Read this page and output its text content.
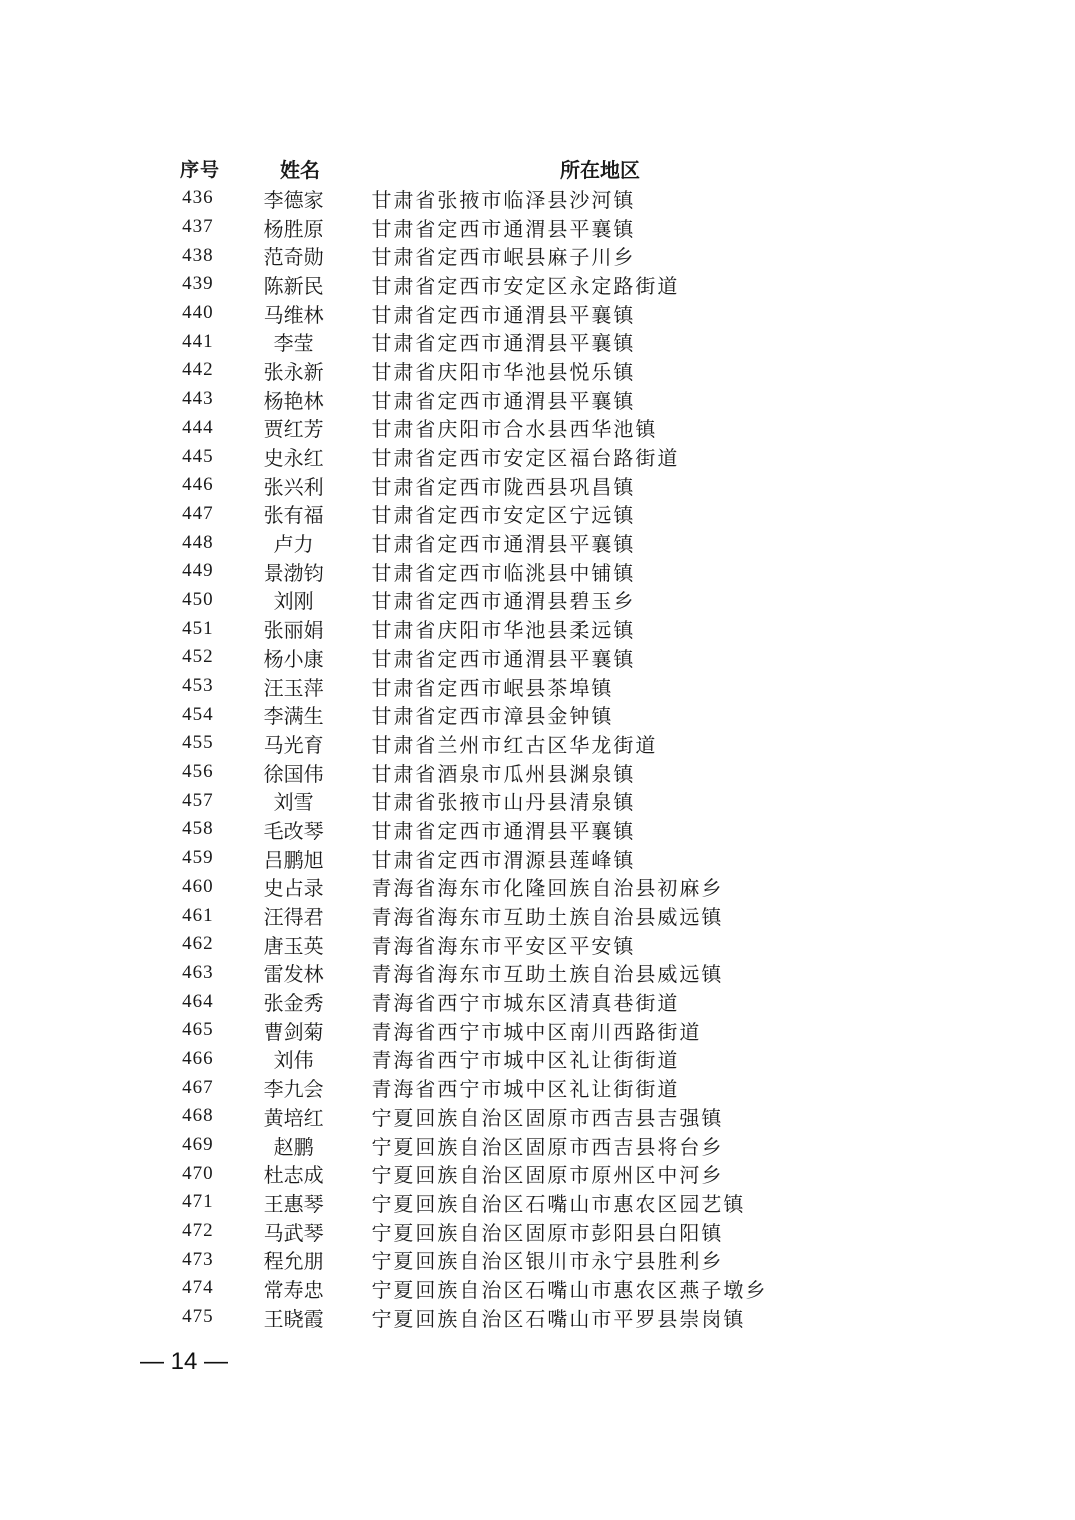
序号	姓名	所在地区
436	李德家	甘肃省张掖市临泽县沙河镇
437	杨胜原	甘肃省定西市通渭县平襄镇
438	范奇勋	甘肃省定西市岷县麻子川乡
439	陈新民	甘肃省定西市安定区永定路街道
440	马维林	甘肃省定西市通渭县平襄镇
441	李莹	甘肃省定西市通渭县平襄镇
442	张永新	甘肃省庆阳市华池县悦乐镇
443	杨艳林	甘肃省定西市通渭县平襄镇
444	贾红芳	甘肃省庆阳市合水县西华池镇
445	史永红	甘肃省定西市安定区福台路街道
446	张兴利	甘肃省定西市陇西县巩昌镇
447	张有福	甘肃省定西市安定区宁远镇
448	卢力	甘肃省定西市通渭县平襄镇
449	景渤钧	甘肃省定西市临洮县中铺镇
450	刘刚	甘肃省定西市通渭县碧玉乡
451	张丽娟	甘肃省庆阳市华池县柔远镇
452	杨小康	甘肃省定西市通渭县平襄镇
453	汪玉萍	甘肃省定西市岷县茶埠镇
454	李满生	甘肃省定西市漳县金钟镇
455	马光育	甘肃省兰州市红古区华龙街道
456	徐国伟	甘肃省酒泉市瓜州县渊泉镇
457	刘雪	甘肃省张掖市山丹县清泉镇
458	毛改琴	甘肃省定西市通渭县平襄镇
459	吕鹏旭	甘肃省定西市渭源县莲峰镇
460	史占录	青海省海东市化隆回族自治县初麻乡
461	汪得君	青海省海东市互助土族自治县威远镇
462	唐玉英	青海省海东市平安区平安镇
463	雷发林	青海省海东市互助土族自治县威远镇
464	张金秀	青海省西宁市城东区清真巷街道
465	曹剑菊	青海省西宁市城中区南川西路街道
466	刘伟	青海省西宁市城中区礼让街街道
467	李九会	青海省西宁市城中区礼让街街道
468	黄培红	宁夏回族自治区固原市西吉县吉强镇
469	赵鹏	宁夏回族自治区固原市西吉县将台乡
470	杜志成	宁夏回族自治区固原市原州区中河乡
471	王惠琴	宁夏回族自治区石嘴山市惠农区园艺镇
472	马武琴	宁夏回族自治区固原市彭阳县白阳镇
473	程允朋	宁夏回族自治区银川市永宁县胜利乡
474	常寿忠	宁夏回族自治区石嘴山市惠农区燕子墩乡
475	王晓霞	宁夏回族自治区石嘴山市平罗县崇岗镇
— 14 —
